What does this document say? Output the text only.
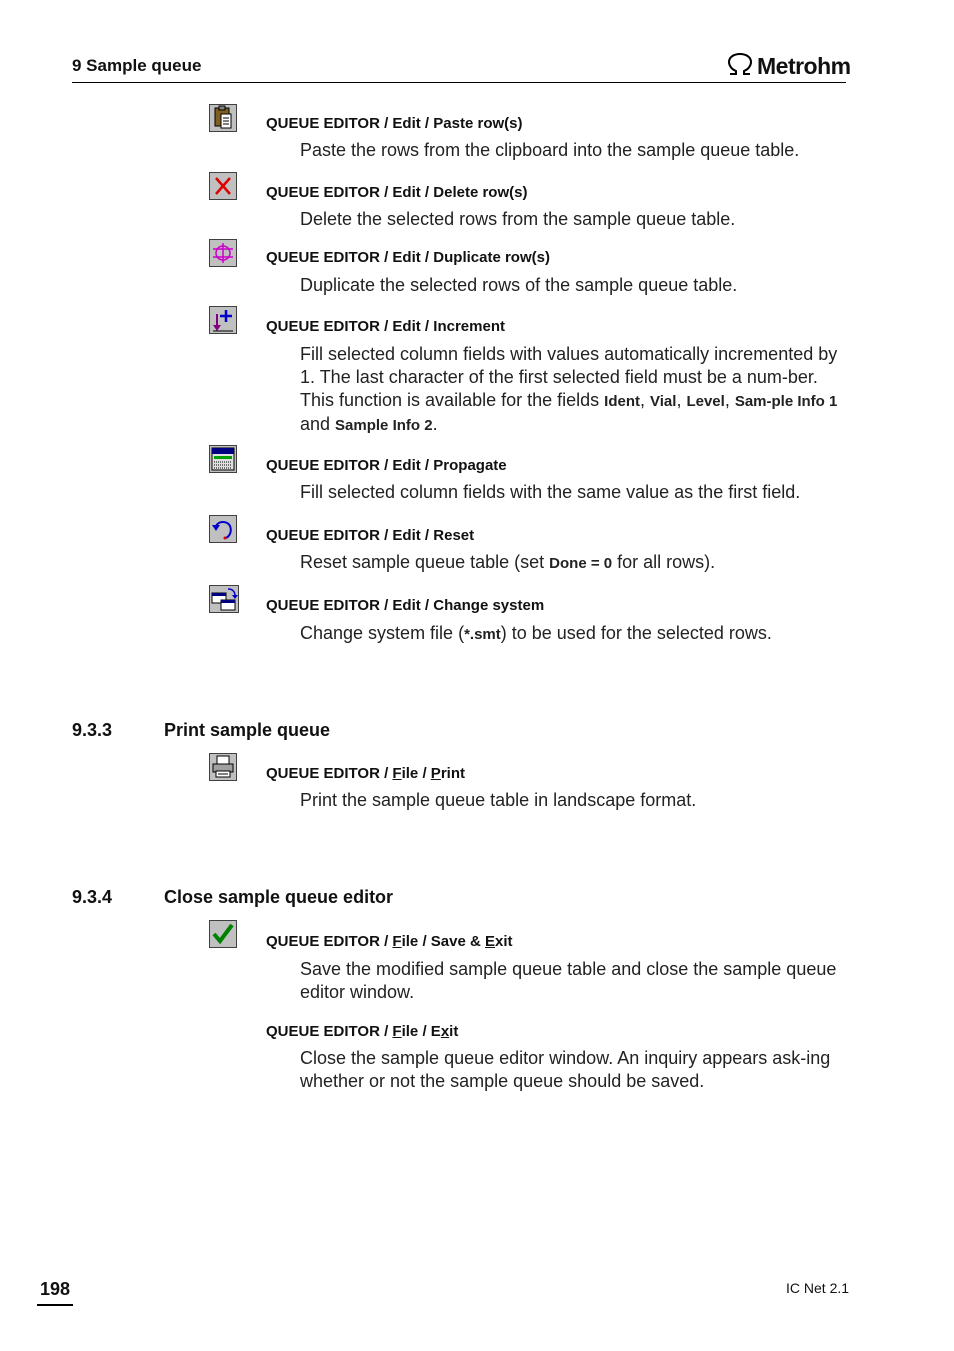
9 Sample queue	Metrohm
QUEUE EDITOR / Edit / Paste row(s)
Paste the rows from the clipboard into the sample queue table.
QUEUE EDITOR / Edit / Delete row(s)
Delete the selected rows from the sample queue table.
QUEUE EDITOR / Edit / Duplicate row(s)
Duplicate the selected rows of the sample queue table.
QUEUE EDITOR / Edit / Increment
Fill selected column fields with values automatically incremented by 1. The last character of the first selected field must be a num-ber. This function is available for the fields Ident, Vial, Level, Sam-ple Info 1 and Sample Info 2.
QUEUE EDITOR / Edit / Propagate
Fill selected column fields with the same value as the first field.
QUEUE EDITOR / Edit / Reset
Reset sample queue table (set Done = 0 for all rows).
QUEUE EDITOR / Edit / Change system
Change system file (*.smt) to be used for the selected rows.
9.3.3	Print sample queue
QUEUE EDITOR / File / Print
Print the sample queue table in landscape format.
9.3.4	Close sample queue editor
QUEUE EDITOR / File / Save & Exit
Save the modified sample queue table and close the sample queue editor window.
QUEUE EDITOR / File / Exit
Close the sample queue editor window. An inquiry appears ask-ing whether or not the sample queue should be saved.
198	IC Net 2.1
